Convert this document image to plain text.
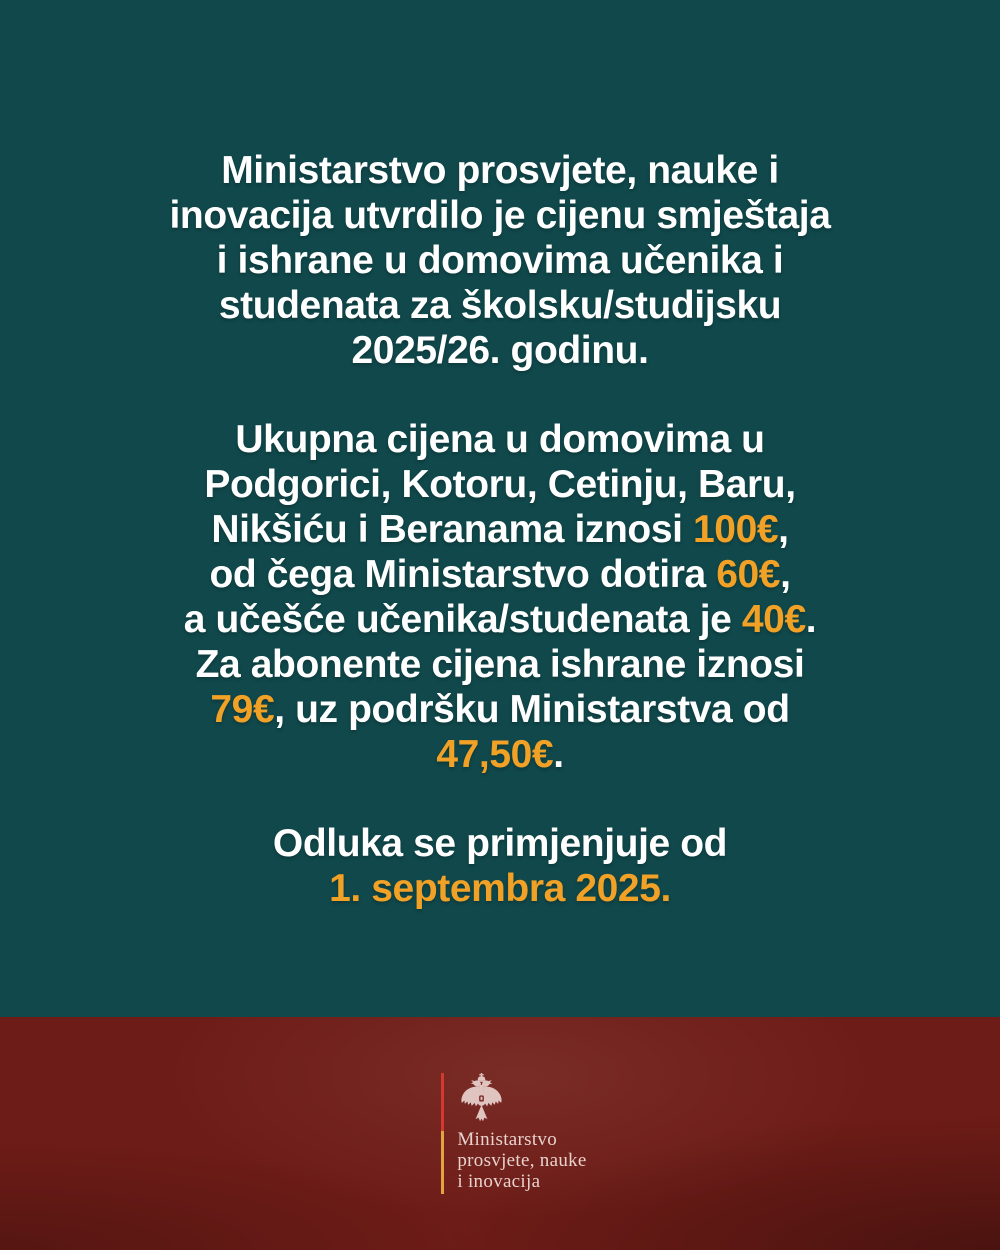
Ministarstvo prosvjete, nauke i
inovacija utvrdilo je cijenu smještaja
i ishrane u domovima učenika i
studenata za školsku/studijsku
2025/26. godinu.
Ukupna cijena u domovima u
Podgorici, Kotoru, Cetinju, Baru,
Nikšiću i Beranama iznosi 100€,
od čega Ministarstvo dotira 60€,
a učešće učenika/studenata je 40€.
Za abonente cijena ishrane iznosi
79€, uz podršku Ministarstva od
47,50€.
Odluka se primjenjuje od
1. septembra 2025.
Ministarstvo
prosvjete, nauke
i inovacija
